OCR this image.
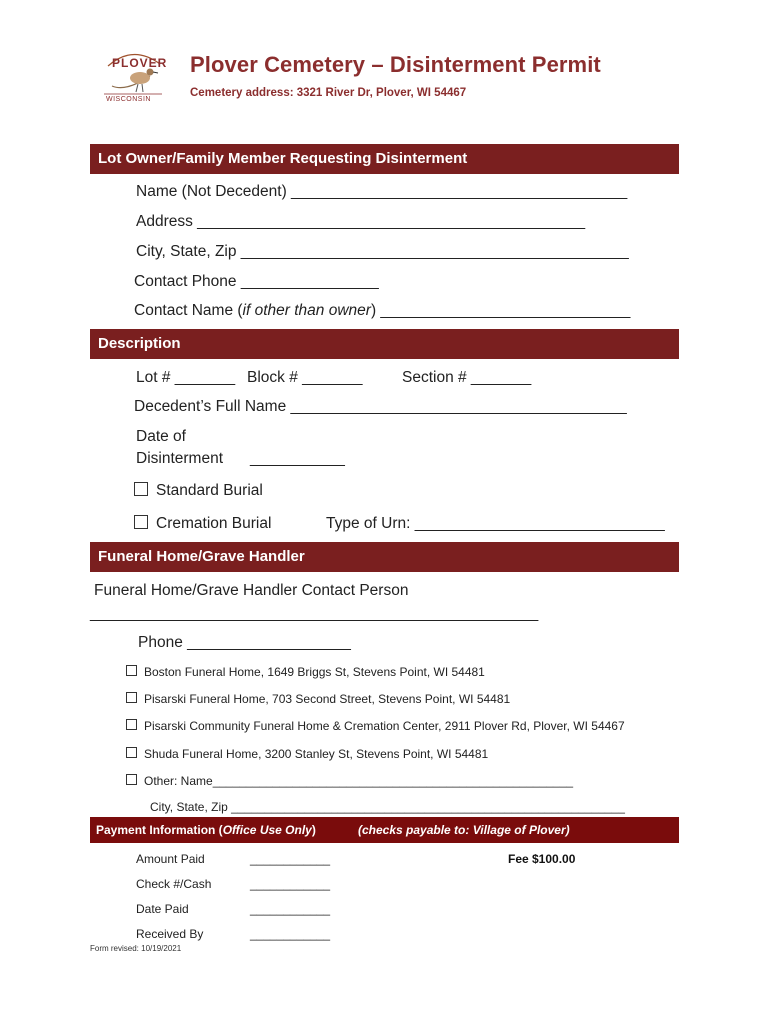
PLOVER
WISCONSIN
Plover Cemetery – Disinterment Permit
Cemetery address: 3321 River Dr, Plover, WI 54467
Lot Owner/Family Member Requesting Disinterment
Name (Not Decedent) _______________________________________
Address _____________________________________________
City, State, Zip _____________________________________________
Contact Phone ________________
Contact Name (if other than owner) _____________________________
Description
Lot # _______ Block # _______	Section # _______
Decedent’s Full Name _______________________________________
Date of
Disinterment ___________
Standard Burial
Cremation Burial	Type of Urn: _____________________________
Funeral Home/Grave Handler
Funeral Home/Grave Handler Contact Person
____________________________________________________
Phone ___________________
Boston Funeral Home, 1649 Briggs St, Stevens Point, WI 54481
Pisarski Funeral Home, 703 Second Street, Stevens Point, WI 54481
Pisarski Community Funeral Home & Cremation Center, 2911 Plover Rd, Plover, WI 54467
Shuda Funeral Home, 3200 Stanley St, Stevens Point, WI 54481
Other: Name______________________________________________________
City, State, Zip ___________________________________________________________
Payment Information (Office Use Only)	(checks payable to: Village of Plover)
Amount Paid	____________	Fee $100.00
Check #/Cash	____________
Date Paid	____________
Received By	____________
Form revised: 10/19/2021
